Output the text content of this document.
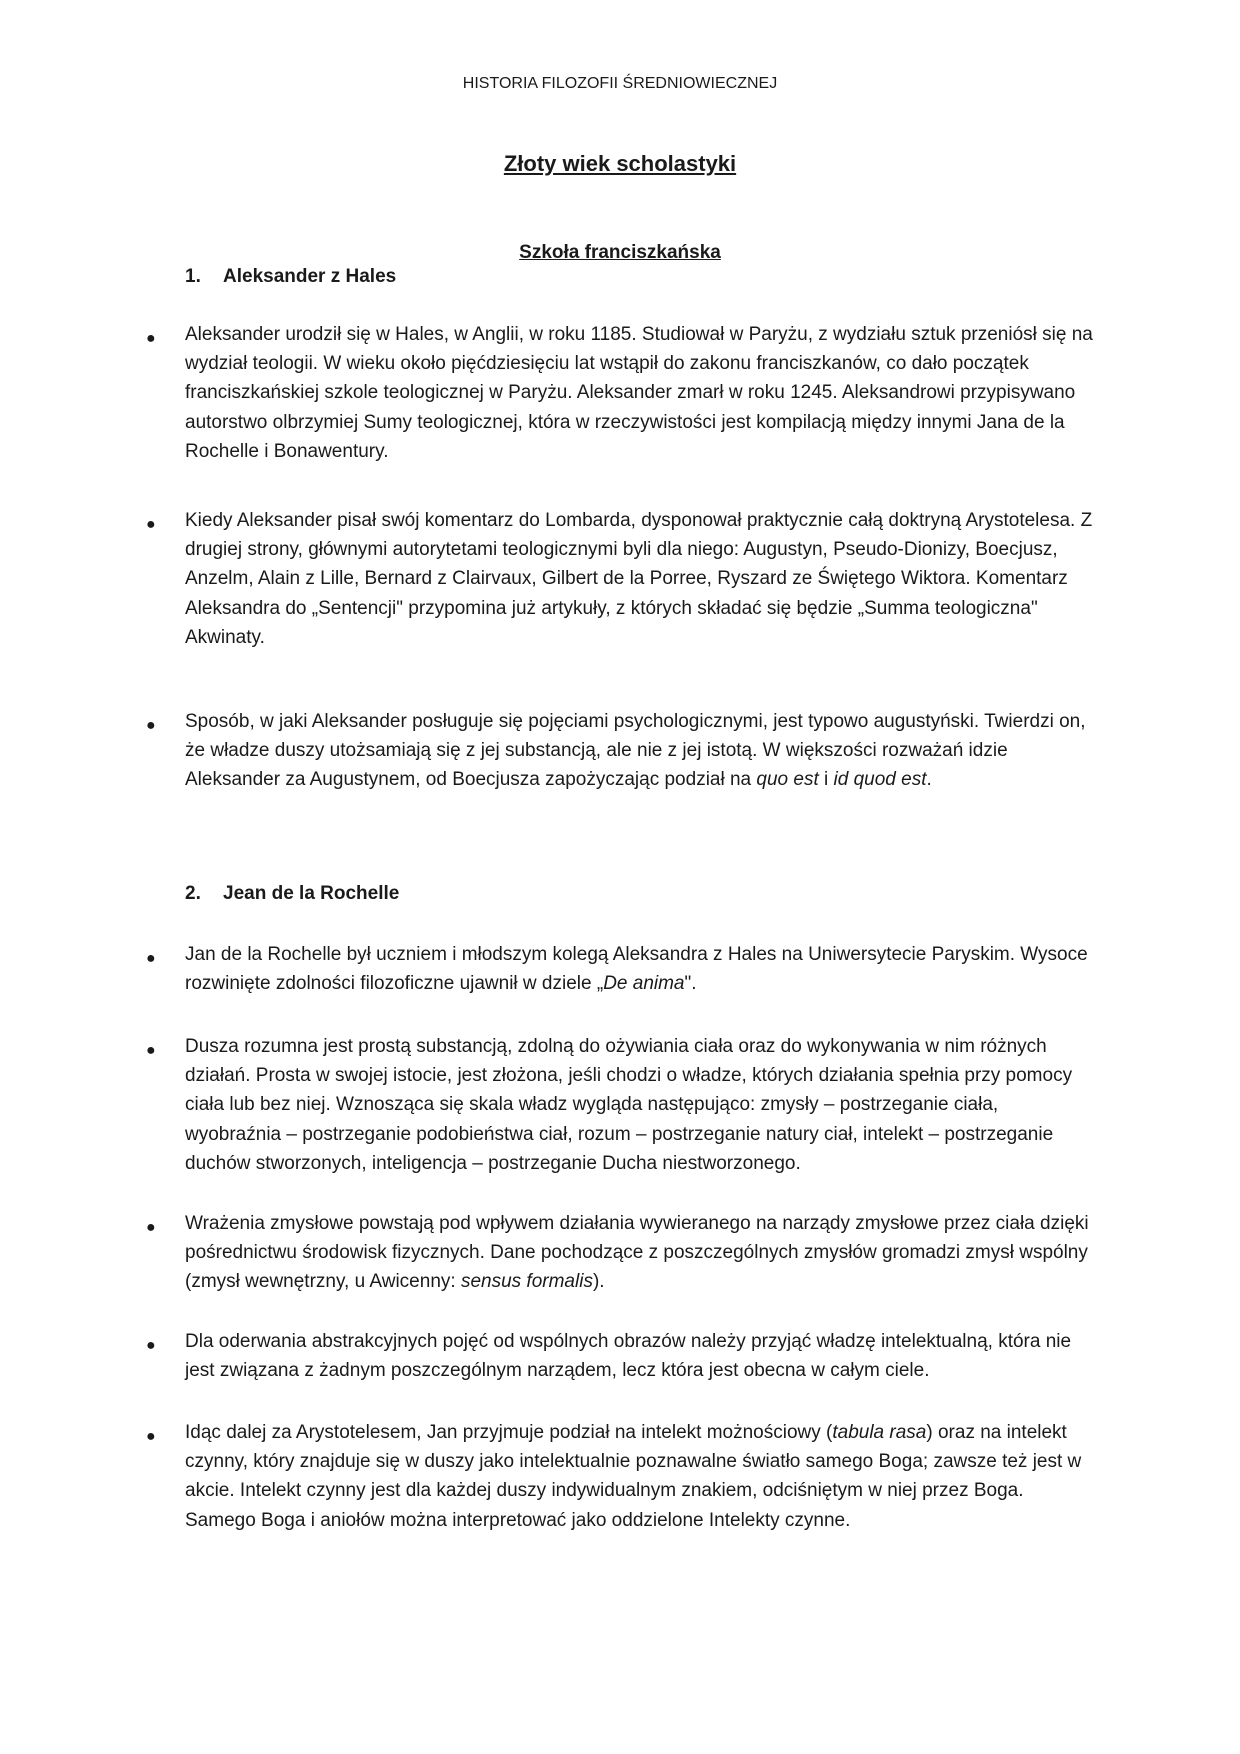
HISTORIA FILOZOFII ŚREDNIOWIECZNEJ
Złoty wiek scholastyki
Szkoła franciszkańska
1. Aleksander z Hales
● Aleksander urodził się w Hales, w Anglii, w roku 1185. Studiował w Paryżu, z wydziału sztuk przeniósł się na wydział teologii. W wieku około pięćdziesięciu lat wstąpił do zakonu franciszkanów, co dało początek franciszkańskiej szkole teologicznej w Paryżu. Aleksander zmarł w roku 1245. Aleksandrowi przypisywano autorstwo olbrzymiej Sumy teologicznej, która w rzeczywistości jest kompilacją między innymi Jana de la Rochelle i Bonawentury.
● Kiedy Aleksander pisał swój komentarz do Lombarda, dysponował praktycznie całą doktryną Arystotelesa. Z drugiej strony, głównymi autorytetami teologicznymi byli dla niego: Augustyn, Pseudo-Dionizy, Boecjusz, Anzelm, Alain z Lille, Bernard z Clairvaux, Gilbert de la Porree, Ryszard ze Świętego Wiktora. Komentarz Aleksandra do „Sentencji" przypomina już artykuły, z których składać się będzie „Summa teologiczna" Akwinaty.
● Sposób, w jaki Aleksander posługuje się pojęciami psychologicznymi, jest typowo augustyński. Twierdzi on, że władze duszy utożsamiają się z jej substancją, ale nie z jej istotą. W większości rozważań idzie Aleksander za Augustynem, od Boecjusza zapożyczając podział na quo est i id quod est.
2. Jean de la Rochelle
● Jan de la Rochelle był uczniem i młodszym kolegą Aleksandra z Hales na Uniwersytecie Paryskim. Wysoce rozwinięte zdolności filozoficzne ujawnił w dziele „De anima".
● Dusza rozumna jest prostą substancją, zdolną do ożywiania ciała oraz do wykonywania w nim różnych działań. Prosta w swojej istocie, jest złożona, jeśli chodzi o władze, których działania spełnia przy pomocy ciała lub bez niej. Wznosząca się skala władz wygląda następująco: zmysły – postrzeganie ciała, wyobraźnia – postrzeganie podobieństwa ciał, rozum – postrzeganie natury ciał, intelekt – postrzeganie duchów stworzonych, inteligencja – postrzeganie Ducha niestworzonego.
● Wrażenia zmysłowe powstają pod wpływem działania wywieranego na narządy zmysłowe przez ciała dzięki pośrednictwu środowisk fizycznych. Dane pochodzące z poszczególnych zmysłów gromadzi zmysł wspólny (zmysł wewnętrzny, u Awicenny: sensus formalis).
● Dla oderwania abstrakcyjnych pojęć od wspólnych obrazów należy przyjąć władzę intelektualną, która nie jest związana z żadnym poszczególnym narządem, lecz która jest obecna w całym ciele.
● Idąc dalej za Arystotelesem, Jan przyjmuje podział na intelekt możnościowy (tabula rasa) oraz na intelekt czynny, który znajduje się w duszy jako intelektualnie poznawalne światło samego Boga; zawsze też jest w akcie. Intelekt czynny jest dla każdej duszy indywidualnym znakiem, odciśniętym w niej przez Boga. Samego Boga i aniołów można interpretować jako oddzielone Intelekty czynne.
